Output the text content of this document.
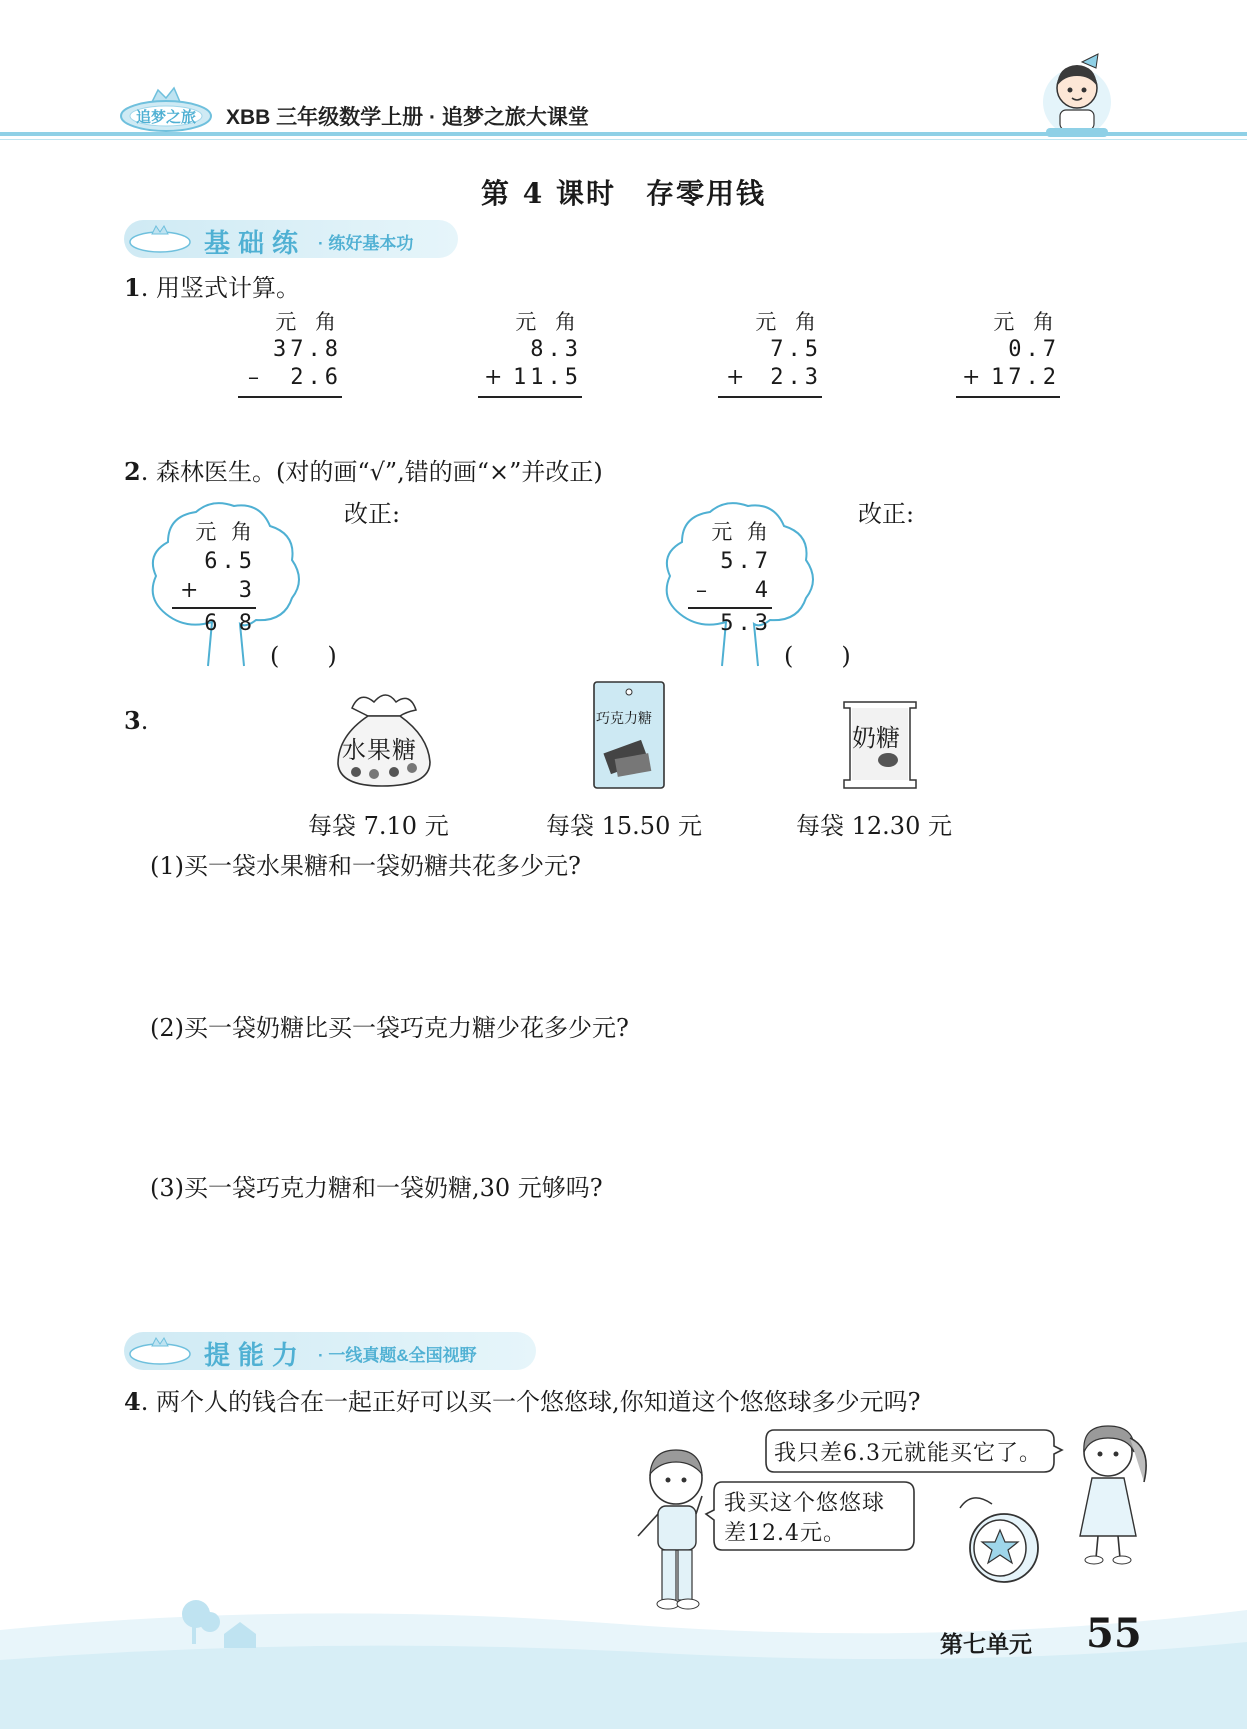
追梦之旅 XBB 三年级数学上册 · 追梦之旅大课堂
第 4 课时　存零用钱
基础练 · 练好基本功
1. 用竖式计算。
元 角
37.8
– 2.6
元 角
8.3
+ 11.5
元 角
7.5
+ 2.3
元 角
0.7
+ 17.2
2. 森林医生。(对的画“√”,错的画“×”并改正)
改正:	改正:
元 角
6.5
+ 3
6 8
(　　)
元 角
5.7
– 4
5.3
(　　)
3.
水果糖
巧克力糖
奶糖
每袋 7.10 元	每袋 15.50 元	每袋 12.30 元
(1)买一袋水果糖和一袋奶糖共花多少元?
(2)买一袋奶糖比买一袋巧克力糖少花多少元?
(3)买一袋巧克力糖和一袋奶糖,30 元够吗?
提能力 · 一线真题&全国视野
4. 两个人的钱合在一起正好可以买一个悠悠球,你知道这个悠悠球多少元吗?
我只差6.3元就能买它了。
我买这个悠悠球
差12.4元。
第七单元 55
